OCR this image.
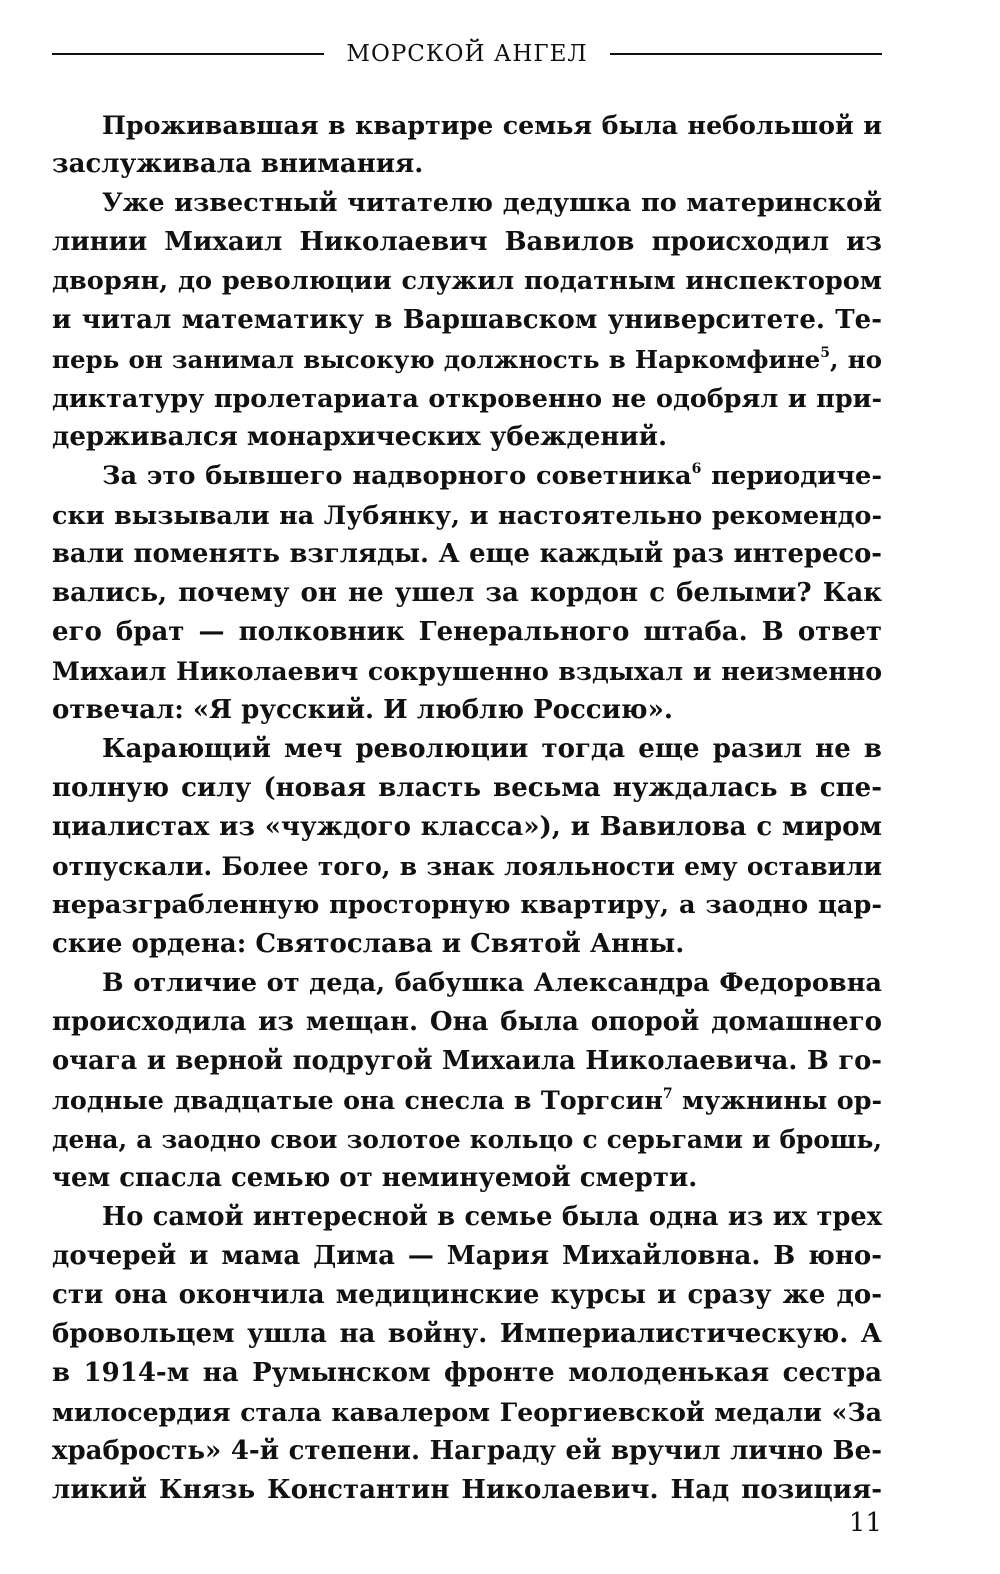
МОРСКОЙ АНГЕЛ
Проживавшая в квартире семья была небольшой и
заслуживала внимания.
Уже известный читателю дедушка по материнской
линии Михаил Николаевич Вавилов происходил из
дворян, до революции служил податным инспектором
и читал математику в Варшавском университете. Те-
перь он занимал высокую должность в Наркомфине$^5$, но
диктатуру пролетариата откровенно не одобрял и при-
держивался монархических убеждений.
За это бывшего надворного советника$^6$ периодиче-
ски вызывали на Лубянку, и настоятельно рекомендо-
вали поменять взгляды. А еще каждый раз интересо-
вались, почему он не ушел за кордон с белыми? Как
его брат — полковник Генерального штаба. В ответ
Михаил Николаевич сокрушенно вздыхал и неизменно
отвечал: «Я русский. И люблю Россию».
Карающий меч революции тогда еще разил не в
полную силу (новая власть весьма нуждалась в спе-
циалистах из «чуждого класса»), и Вавилова с миром
отпускали. Более того, в знак лояльности ему оставили
неразграбленную просторную квартиру, а заодно цар-
ские ордена: Святослава и Святой Анны.
В отличие от деда, бабушка Александра Федоровна
происходила из мещан. Она была опорой домашнего
очага и верной подругой Михаила Николаевича. В го-
лодные двадцатые она снесла в Торгсин$^7$ мужнины ор-
дена, а заодно свои золотое кольцо с серьгами и брошь,
чем спасла семью от неминуемой смерти.
Но самой интересной в семье была одна из их трех
дочерей и мама Дима — Мария Михайловна. В юно-
сти она окончила медицинские курсы и сразу же до-
бровольцем ушла на войну. Империалистическую. А
в 1914-м на Румынском фронте молоденькая сестра
милосердия стала кавалером Георгиевской медали «За
храбрость» 4-й степени. Награду ей вручил лично Ве-
ликий Князь Константин Николаевич. Над позиция-
11
